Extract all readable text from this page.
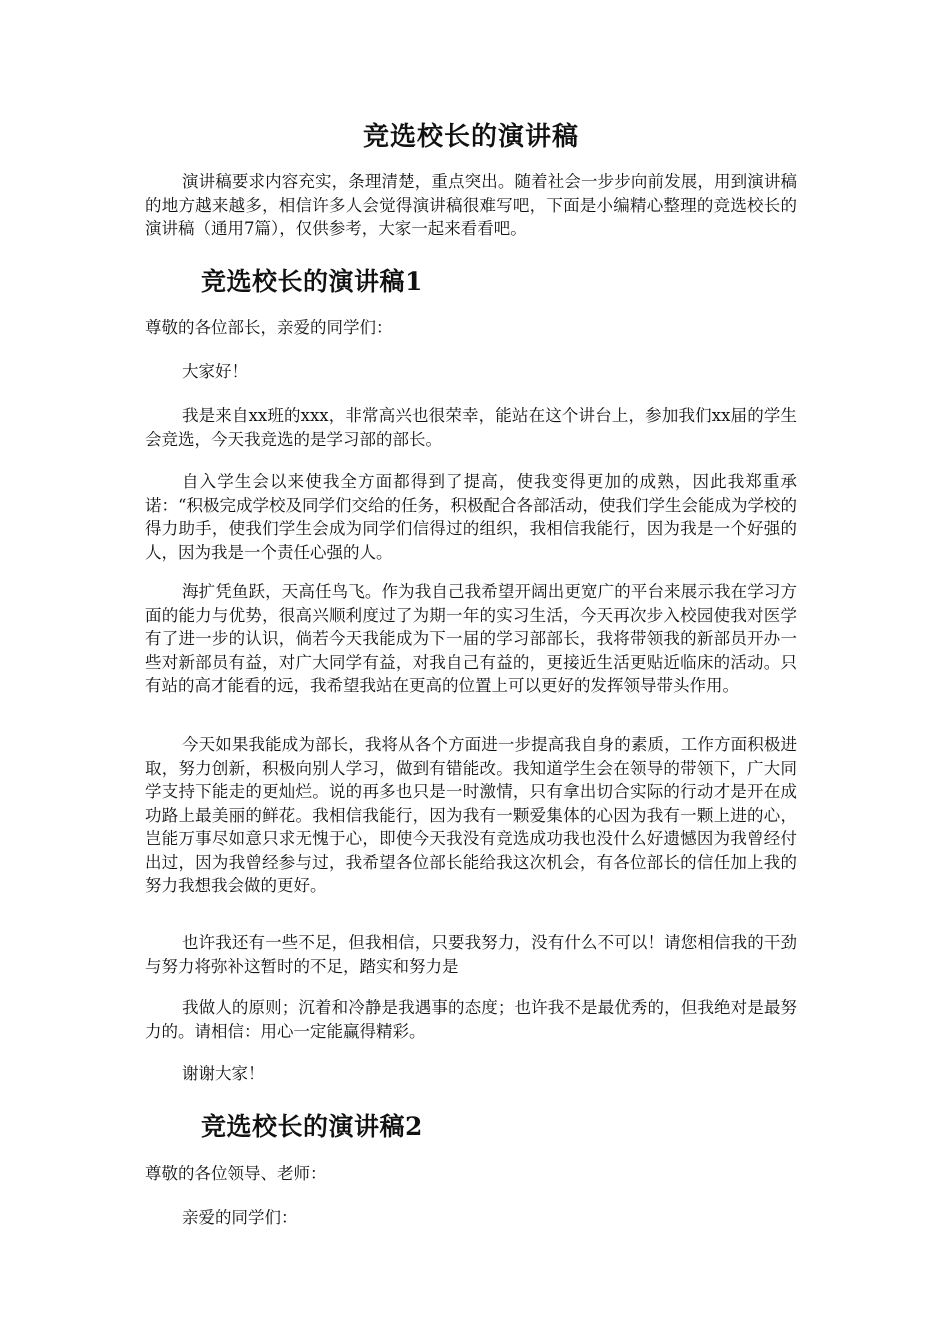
竞选校长的演讲稿

演讲稿要求内容充实，条理清楚，重点突出。随着社会一步步向前发展，用到演讲稿的地方越来越多，相信许多人会觉得演讲稿很难写吧，下面是小编精心整理的竞选校长的演讲稿（通用7篇），仅供参考，大家一起来看看吧。

竞选校长的演讲稿1

尊敬的各位部长，亲爱的同学们：

大家好！

我是来自xx班的xxx，非常高兴也很荣幸，能站在这个讲台上，参加我们xx届的学生会竞选，今天我竞选的是学习部的部长。

自入学生会以来使我全方面都得到了提高，使我变得更加的成熟，因此我郑重承诺：“积极完成学校及同学们交给的任务，积极配合各部活动，使我们学生会能成为学校的得力助手，使我们学生会成为同学们信得过的组织，我相信我能行，因为我是一个好强的人，因为我是一个责任心强的人。

海扩凭鱼跃，天高任鸟飞。作为我自己我希望开阔出更宽广的平台来展示我在学习方面的能力与优势，很高兴顺利度过了为期一年的实习生活，今天再次步入校园使我对医学有了进一步的认识，倘若今天我能成为下一届的学习部部长，我将带领我的新部员开办一些对新部员有益，对广大同学有益，对我自己有益的，更接近生活更贴近临床的活动。只有站的高才能看的远，我希望我站在更高的位置上可以更好的发挥领导带头作用。

今天如果我能成为部长，我将从各个方面进一步提高我自身的素质，工作方面积极进取，努力创新，积极向别人学习，做到有错能改。我知道学生会在领导的带领下，广大同学支持下能走的更灿烂。说的再多也只是一时激情，只有拿出切合实际的行动才是开在成功路上最美丽的鲜花。我相信我能行，因为我有一颗爱集体的心因为我有一颗上进的心，岂能万事尽如意只求无愧于心，即使今天我没有竞选成功我也没什么好遗憾因为我曾经付出过，因为我曾经参与过，我希望各位部长能给我这次机会，有各位部长的信任加上我的努力我想我会做的更好。

也许我还有一些不足，但我相信，只要我努力，没有什么不可以！请您相信我的干劲与努力将弥补这暂时的不足，踏实和努力是

我做人的原则；沉着和冷静是我遇事的态度；也许我不是最优秀的，但我绝对是最努力的。请相信：用心一定能赢得精彩。

谢谢大家！

竞选校长的演讲稿2

尊敬的各位领导、老师：

亲爱的同学们：
